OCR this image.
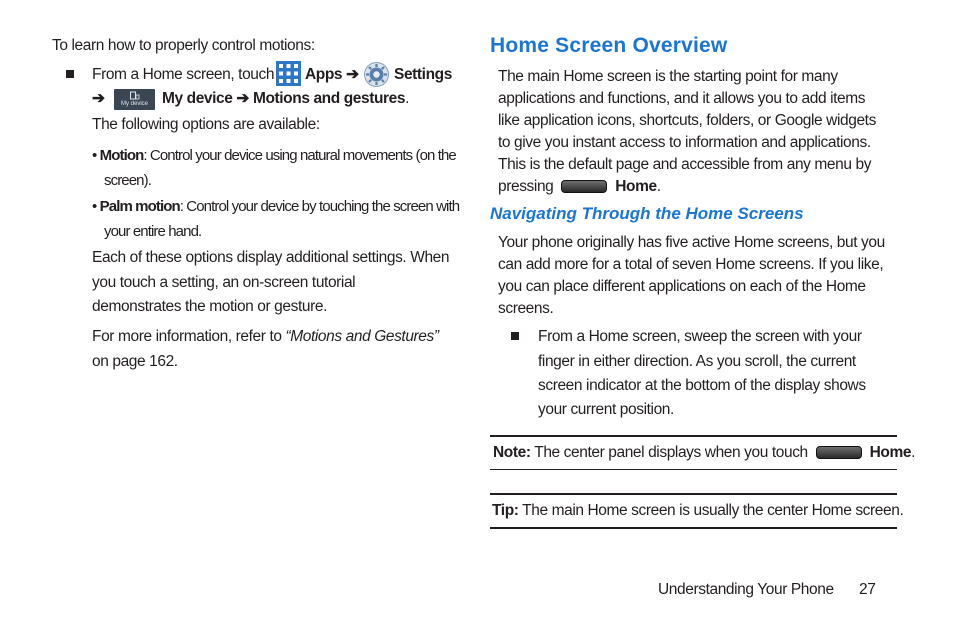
To learn how to properly control motions:
From a Home screen, touch Apps ➔ Settings
➔	My device My device ➔ Motions and gestures.
The following options are available:
• Motion: Control your device using natural movements (on the
screen).
• Palm motion: Control your device by touching the screen with
your entire hand.
Each of these options display additional settings. When
you touch a setting, an on-screen tutorial
demonstrates the motion or gesture.
For more information, refer to “Motions and Gestures”
on page 162.
Home Screen Overview
The main Home screen is the starting point for many
applications and functions, and it allows you to add items
like application icons, shortcuts, folders, or Google widgets
to give you instant access to information and applications.
This is the default page and accessible from any menu by
pressing	Home.
Navigating Through the Home Screens
Your phone originally has five active Home screens, but you
can add more for a total of seven Home screens. If you like,
you can place different applications on each of the Home
screens.
From a Home screen, sweep the screen with your
finger in either direction. As you scroll, the current
screen indicator at the bottom of the display shows
your current position.
Note: The center panel displays when you touch	Home.
Tip: The main Home screen is usually the center Home screen.
Understanding Your Phone 27
